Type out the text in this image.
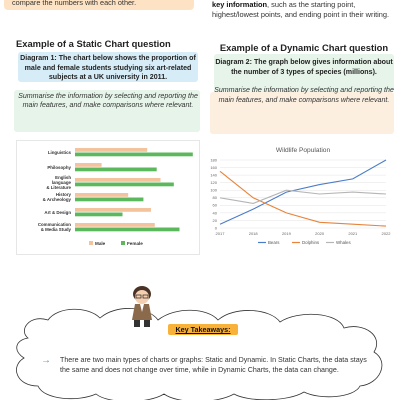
compare the numbers with each other.	key information, such as the starting point, highest/lowest points, and ending point in their writing.
Example of a Static Chart question
Diagram 1: The chart below shows the proportion of male and female students studying six art-related subjects at a UK university in 2011.
Summarise the information by selecting and reporting the main features, and make comparisons where relevant.
Example of a Dynamic Chart question
Diagram 2: The graph below gives information about the number of 3 types of species (millions).
Summarise the information by selecting and reporting the main features, and make comparisons where relevant.
Linguistics
Philosophy
English
language
& Literature
History
& Archeology
Art & Design
Communication
& Media Study
Male	Female
Wildlife Population
0
20
40
60
80
100
120
140
160
180
2017	2018	2019	2020	2021	2022
Bears	Dolphins	Whales
Key Takeaways:
→ There are two main types of charts or graphs: Static and Dynamic. In Static Charts, the data stays the same and does not change over time, while in Dynamic Charts, the data can change.
